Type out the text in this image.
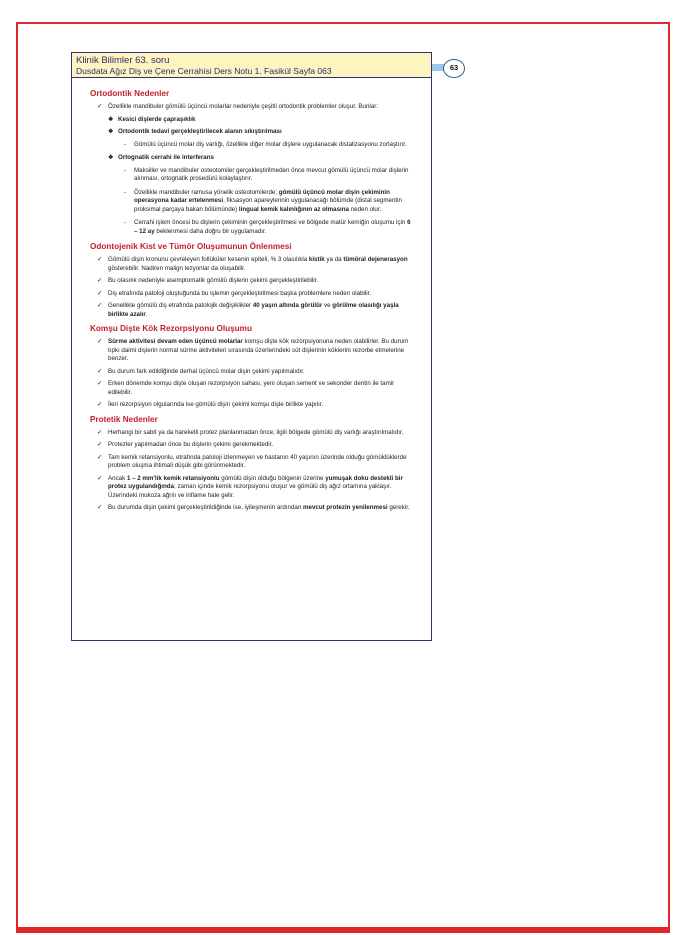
63
Klinik Bilimler 63. soru
Dusdata Ağız Diş ve Çene Cerrahisi Ders Notu 1. Fasikül Sayfa 063
Ortodontik Nedenler
✓ Özellikle mandibuler gömülü üçüncü molarlar nedeniyle çeşitli ortodontik problemler oluşur. Bunlar:
❖ Kesici dişlerde çapraşıklık
❖ Ortodontik tedavi gerçekleştirilecek alanın sıkıştırılması
- Gömülü üçüncü molar diş varlığı, özellikle diğer molar dişlere uygulanacak distalizasyonu zorlaştırır.
❖ Ortognatik cerrahi ile interferans
- Maksiller ve mandibuler osteotomiler gerçekleştirilmeden önce mevcut gömülü üçüncü molar dişlerin alınması, ortognatik prosedürü kolaylaştırır.
- Özellikle mandibuler ramusa yönelik osteotomilerde; gömülü üçüncü molar dişin çekiminin operasyona kadar ertelenmesi, fiksasyon apareylerinin uygulanacağı bölümde (distal segmentin proksimal parçaya bakan bölümünde) lingual kemik kalınlığının az olmasına neden olur.
- Cerrahi işlem öncesi bu dişlerin çekiminin gerçekleştirilmesi ve bölgede matür kemiğin oluşumu için 6 – 12 ay beklenmesi daha doğru bir uygulamadır.
Odontojenik Kist ve Tümör Oluşumunun Önlenmesi
✓ Gömülü dişin kronunu çevreleyen follüküler kesenin epiteli, % 3 olasılıkla kistik ya da tümöral dejenerasyon gösterebilir. Nadiren malign lezyonlar da oluşabilir.
✓ Bu olasılık nedeniyle asemptomatik gömülü dişlerin çekimi gerçekleştirilebilir.
✓ Diş etrafında patoloji oluştuğunda bu işlemin gerçekleştirilmesi başka problemlere neden olabilir.
✓ Genellikle gömülü diş etrafında patolojik değişiklikler 40 yaşın altında görülür ve görülme olasılığı yaşla birlikte azalır.
Komşu Dişte Kök Rezorpsiyonu Oluşumu
✓ Sürme aktivitesi devam eden üçüncü molarlar komşu dişte kök rezorpsiyonuna neden olabilirler. Bu durum tıpkı daimi dişlerin normal sürme aktiviteleri sırasında üzerlerindeki süt dişlerinin köklerini rezorbe etmelerine benzer.
✓ Bu durum fark edildiğinde derhal üçüncü molar dişin çekimi yapılmalıdır.
✓ Erken dönemde komşu dişte oluşan rezorpsiyon sahası, yeni oluşan sement ve sekonder dentin ile tamir edilebilir.
✓ İleri rezorpsiyon olgularında ise gömülü dişin çekimi komşu dişle birlikte yapılır.
Protetik Nedenler
✓ Herhangi bir sabit ya da hareketli protez planlanmadan önce; ilgili bölgede gömülü diş varlığı araştırılmalıdır.
✓ Protezler yapılmadan önce bu dişlerin çekimi gerekmektedir.
✓ Tam kemik retansiyonlu, etrafında patoloji izlenmeyen ve hastanın 40 yaşının üzerinde olduğu gömüklüklerde problem oluşma ihtimali düşük gibi görünmektedir.
✓ Ancak 1 – 2 mm'lik kemik retansiyonlu gömülü dişin olduğu bölgenin üzerine yumuşak doku destekli bir protez uygulandığında; zaman içinde kemik rezorpsiyonu oluşur ve gömülü diş ağız ortamına yaklaşır. Üzerindeki mukoza ağrılı ve inflame hale gelir.
✓ Bu durumda dişin çekimi gerçekleştirildiğinde ise, iyileşmenin ardından mevcut protezin yenilenmesi gerekir.
